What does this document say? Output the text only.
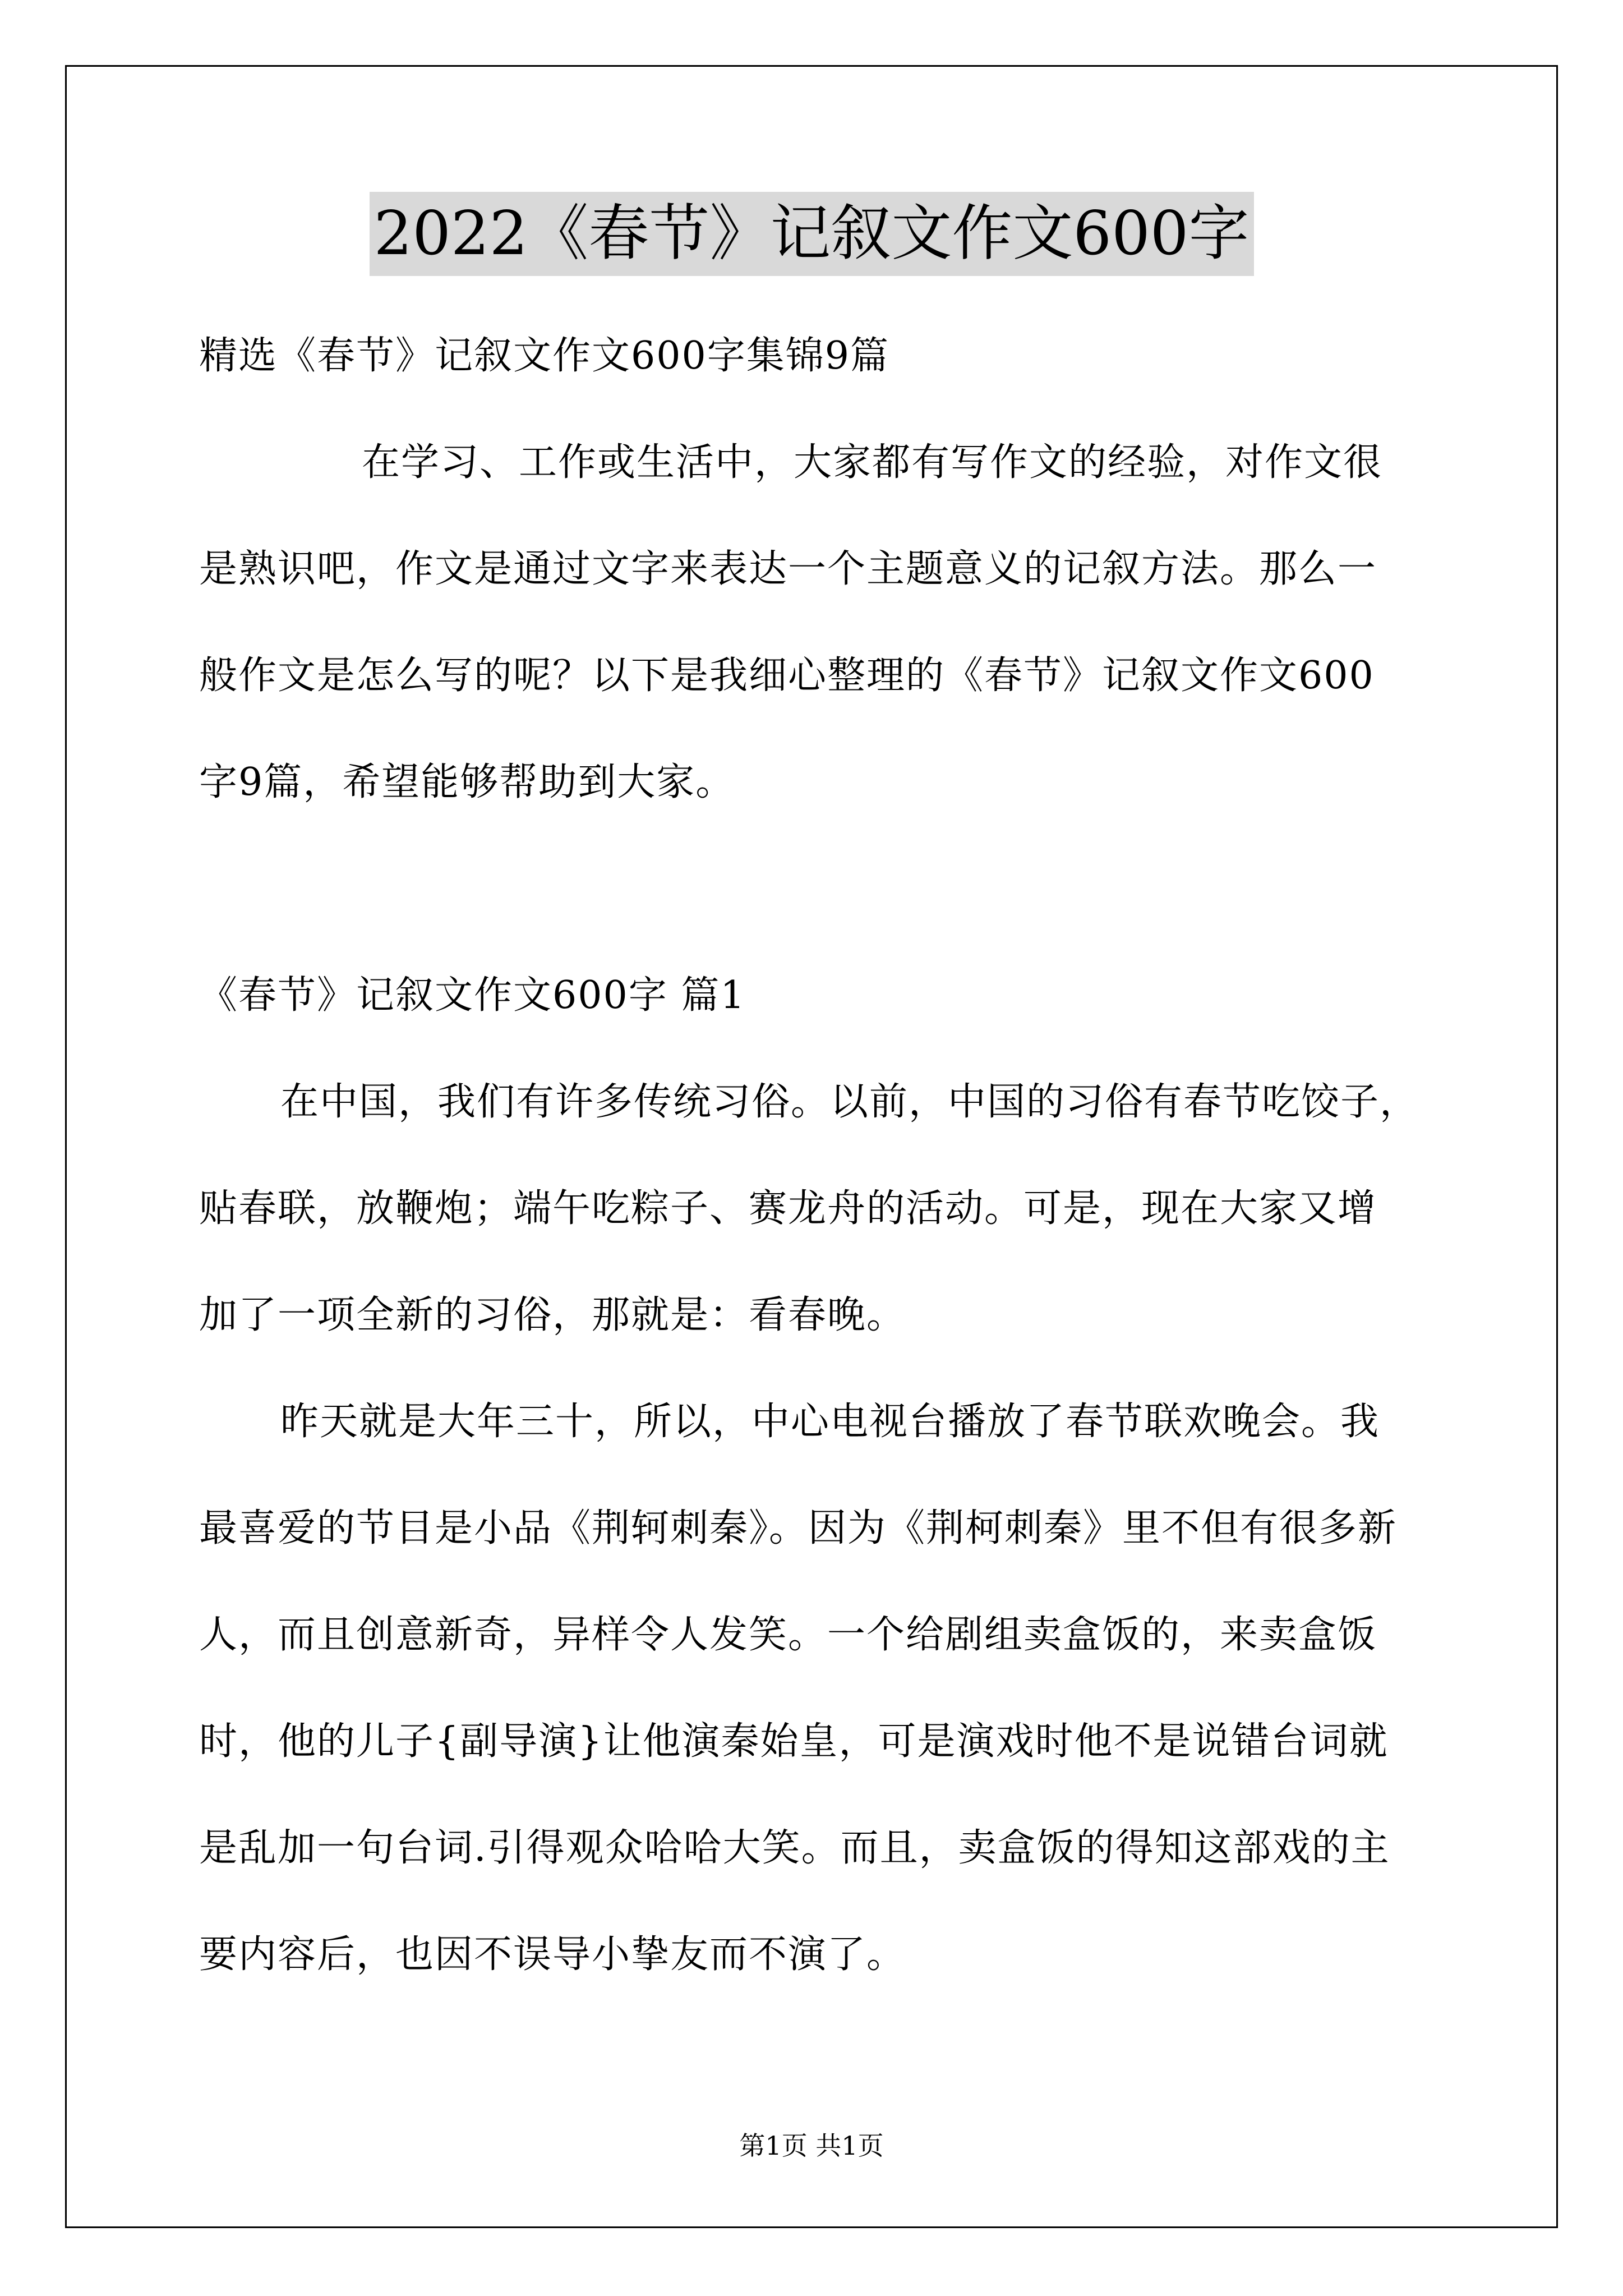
2022《春节》记叙文作文600字
精选《春节》记叙文作文600字集锦9篇
在学习、工作或生活中，大家都有写作文的经验，对作文很
是熟识吧，作文是通过文字来表达一个主题意义的记叙方法。那么一
般作文是怎么写的呢？以下是我细心整理的《春节》记叙文作文600
字9篇，希望能够帮助到大家。
《春节》记叙文作文600字 篇1
在中国，我们有许多传统习俗。以前，中国的习俗有春节吃饺子，
贴春联，放鞭炮；端午吃粽子、赛龙舟的活动。可是，现在大家又增
加了一项全新的习俗，那就是：看春晚。
昨天就是大年三十，所以，中心电视台播放了春节联欢晚会。我
最喜爱的节目是小品《荆轲刺秦》。因为《荆柯刺秦》里不但有很多新
人，而且创意新奇，异样令人发笑。一个给剧组卖盒饭的，来卖盒饭
时，他的儿子{副导演}让他演秦始皇，可是演戏时他不是说错台词就
是乱加一句台词.引得观众哈哈大笑。而且，卖盒饭的得知这部戏的主
要内容后，也因不误导小挚友而不演了。
第1页 共1页
